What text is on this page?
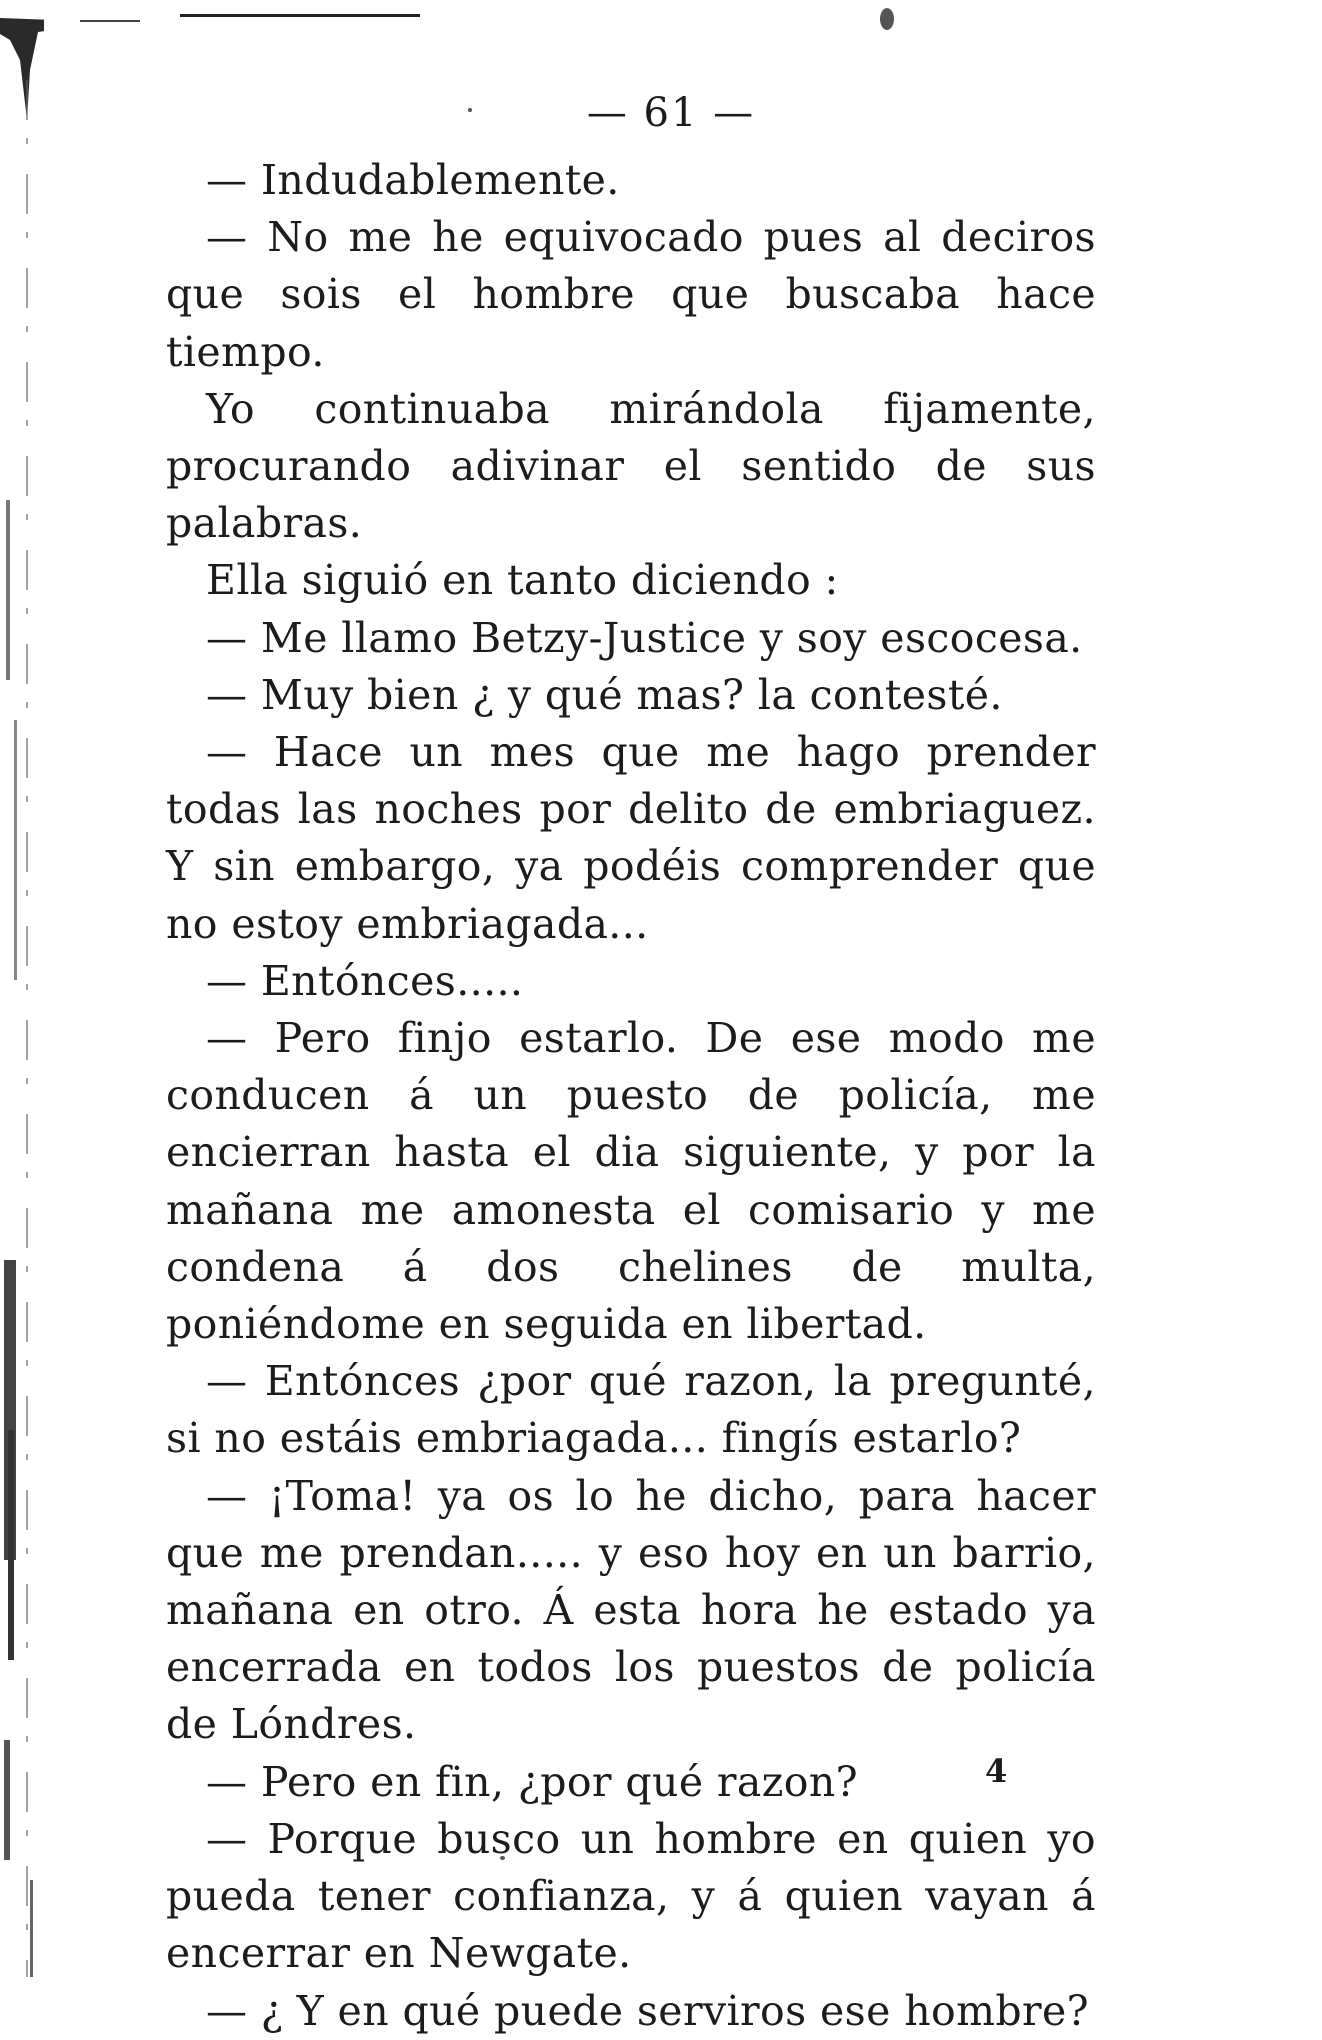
— 61 —

— Indudablemente.

— No me he equivocado pues al deciros que sois el hombre que buscaba hace tiempo.

Yo continuaba mirándola fijamente, procurando adivinar el sentido de sus palabras.

Ella siguió en tanto diciendo :

— Me llamo Betzy-Justice y soy escocesa.

— Muy bien ¿ y qué mas? la contesté.

— Hace un mes que me hago prender todas las noches por delito de embriaguez. Y sin embargo, ya podéis comprender que no estoy embriagada...

— Entónces.....

— Pero finjo estarlo. De ese modo me conducen á un puesto de policía, me encierran hasta el dia siguiente, y por la mañana me amonesta el comisario y me condena á dos chelines de multa, poniéndome en seguida en libertad.

— Entónces ¿por qué razon, la pregunté, si no estáis embriagada... fingís estarlo?

— ¡Toma! ya os lo he dicho, para hacer que me prendan..... y eso hoy en un barrio, mañana en otro. Á esta hora he estado ya encerrada en todos los puestos de policía de Lóndres.

— Pero en fin, ¿por qué razon?

— Porque busco un hombre en quien yo pueda tener confianza, y á quien vayan á encerrar en Newgate.

— ¿ Y en qué puede serviros ese hombre?

4
